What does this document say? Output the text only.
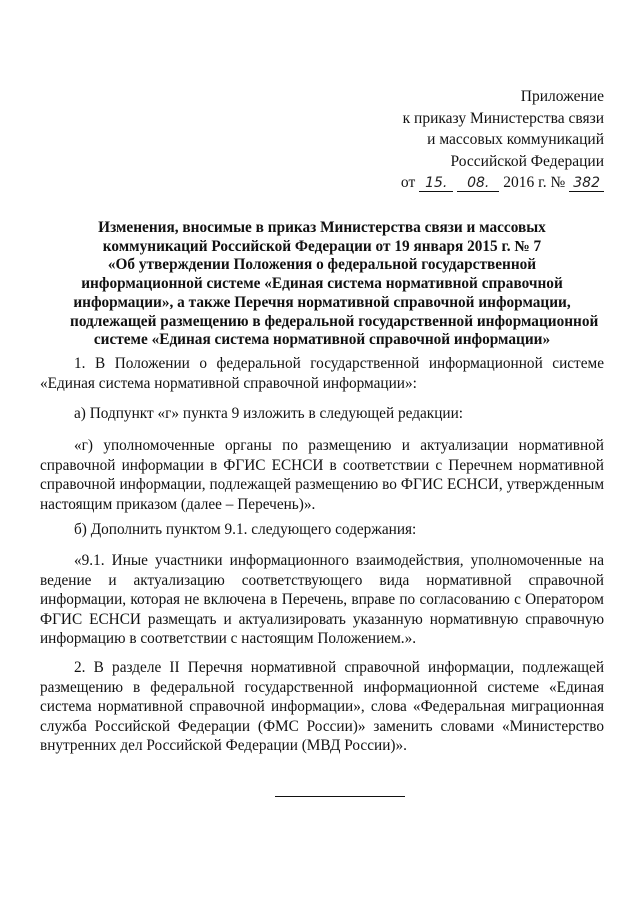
Приложение
к приказу Министерства связи
и массовых коммуникаций
Российской Федерации
от 15.	08. 2016 г. № 382
Изменения, вносимые в приказ Министерства связи и массовых
коммуникаций Российской Федерации от 19 января 2015 г. № 7
«Об утверждении Положения о федеральной государственной
информационной системе «Единая система нормативной справочной
информации», а также Перечня нормативной справочной информации,
подлежащей размещению в федеральной государственной информационной
системе «Единая система нормативной справочной информации»
1. В Положении о федеральной государственной информационной системе
«Единая система нормативной справочной информации»:
а) Подпункт «г» пункта 9 изложить в следующей редакции:
«г) уполномоченные органы по размещению и актуализации нормативной
справочной информации в ФГИС ЕСНСИ в соответствии с Перечнем нормативной
справочной информации, подлежащей размещению во ФГИС ЕСНСИ, утвержденным
настоящим приказом (далее – Перечень)».
б) Дополнить пунктом 9.1. следующего содержания:
«9.1. Иные участники информационного взаимодействия, уполномоченные на
ведение и актуализацию соответствующего вида нормативной справочной
информации, которая не включена в Перечень, вправе по согласованию с Оператором
ФГИС ЕСНСИ размещать и актуализировать указанную нормативную справочную
информацию в соответствии с настоящим Положением.».
2. В разделе II Перечня нормативной справочной информации, подлежащей
размещению в федеральной государственной информационной системе «Единая
система нормативной справочной информации», слова «Федеральная миграционная
служба Российской Федерации (ФМС России)» заменить словами «Министерство
внутренних дел Российской Федерации (МВД России)».
